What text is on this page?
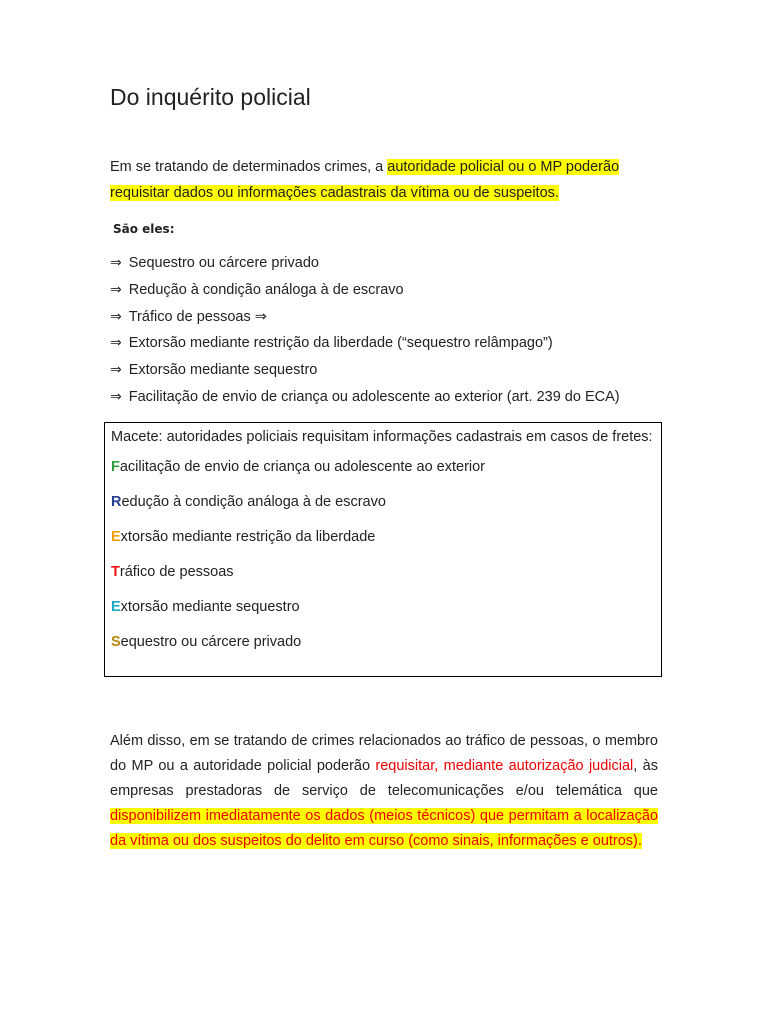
Do inquérito policial
Em se tratando de determinados crimes, a autoridade policial ou o MP poderão requisitar dados ou informações cadastrais da vítima ou de suspeitos.
São eles:
⇒ Sequestro ou cárcere privado
⇒ Redução à condição análoga à de escravo
⇒ Tráfico de pessoas ⇒
⇒ Extorsão mediante restrição da liberdade (“sequestro relâmpago”)
⇒ Extorsão mediante sequestro
⇒ Facilitação de envio de criança ou adolescente ao exterior (art. 239 do ECA)
Macete: autoridades policiais requisitam informações cadastrais em casos de fretes:
Facilitação de envio de criança ou adolescente ao exterior
Redução à condição análoga à de escravo
Extorsão mediante restrição da liberdade
Tráfico de pessoas
Extorsão mediante sequestro
Sequestro ou cárcere privado
Além disso, em se tratando de crimes relacionados ao tráfico de pessoas, o membro do MP ou a autoridade policial poderão requisitar, mediante autorização judicial, às empresas prestadoras de serviço de telecomunicações e/ou telemática que disponibilizem imediatamente os dados (meios técnicos) que permitam a localização da vítima ou dos suspeitos do delito em curso (como sinais, informações e outros).
